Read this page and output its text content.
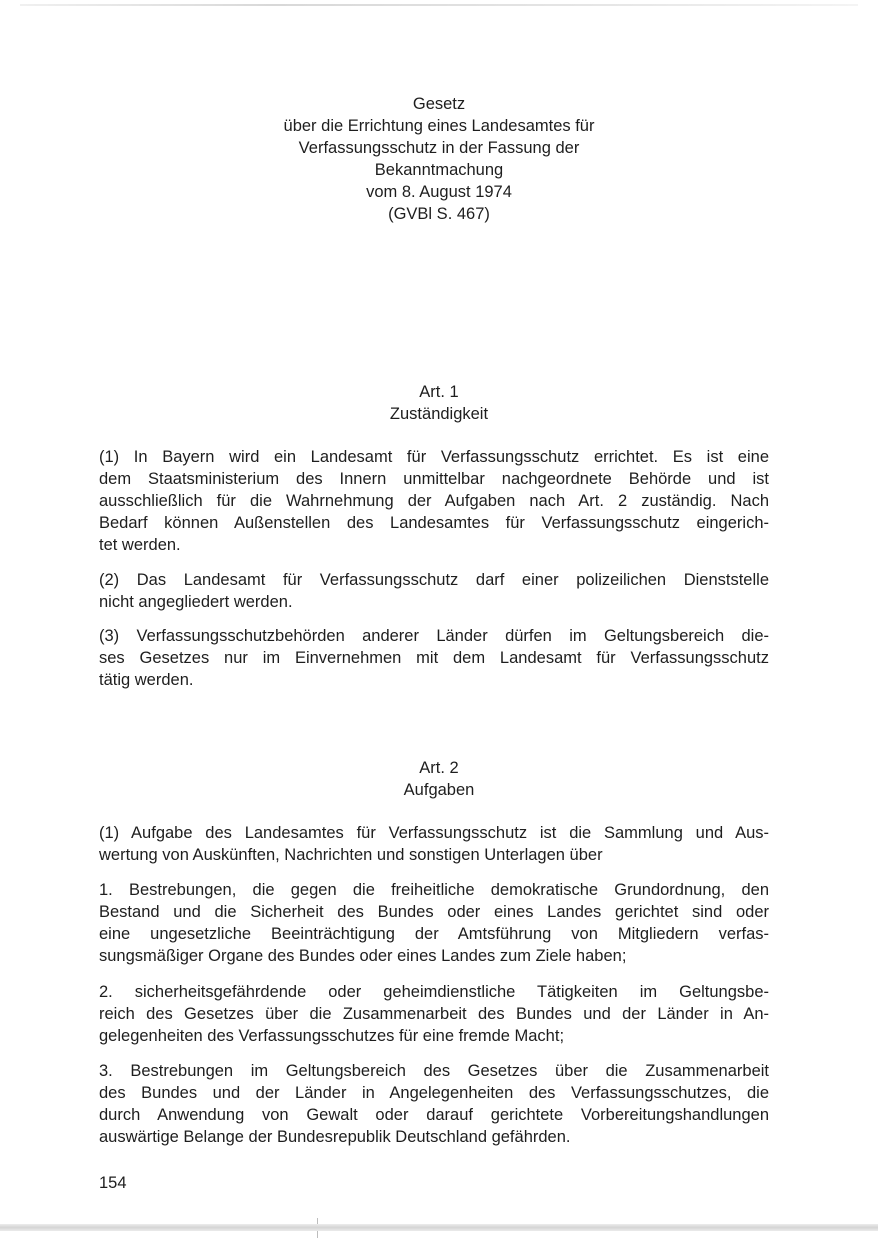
Gesetz
über die Errichtung eines Landesamtes für
Verfassungsschutz in der Fassung der
Bekanntmachung
vom 8. August 1974
(GVBl S. 467)
Art. 1
Zuständigkeit
(1) In Bayern wird ein Landesamt für Verfassungsschutz errichtet. Es ist eine
dem Staatsministerium des Innern unmittelbar nachgeordnete Behörde und ist
ausschließlich für die Wahrnehmung der Aufgaben nach Art. 2 zuständig. Nach
Bedarf können Außenstellen des Landesamtes für Verfassungsschutz eingerich-
tet werden.
(2) Das Landesamt für Verfassungsschutz darf einer polizeilichen Dienststelle
nicht angegliedert werden.
(3) Verfassungsschutzbehörden anderer Länder dürfen im Geltungsbereich die-
ses Gesetzes nur im Einvernehmen mit dem Landesamt für Verfassungsschutz
tätig werden.
Art. 2
Aufgaben
(1) Aufgabe des Landesamtes für Verfassungsschutz ist die Sammlung und Aus-
wertung von Auskünften, Nachrichten und sonstigen Unterlagen über
1. Bestrebungen, die gegen die freiheitliche demokratische Grundordnung, den
Bestand und die Sicherheit des Bundes oder eines Landes gerichtet sind oder
eine ungesetzliche Beeinträchtigung der Amtsführung von Mitgliedern verfas-
sungsmäßiger Organe des Bundes oder eines Landes zum Ziele haben;
2. sicherheitsgefährdende oder geheimdienstliche Tätigkeiten im Geltungsbe-
reich des Gesetzes über die Zusammenarbeit des Bundes und der Länder in An-
gelegenheiten des Verfassungsschutzes für eine fremde Macht;
3. Bestrebungen im Geltungsbereich des Gesetzes über die Zusammenarbeit
des Bundes und der Länder in Angelegenheiten des Verfassungsschutzes, die
durch Anwendung von Gewalt oder darauf gerichtete Vorbereitungshandlungen
auswärtige Belange der Bundesrepublik Deutschland gefährden.
154
